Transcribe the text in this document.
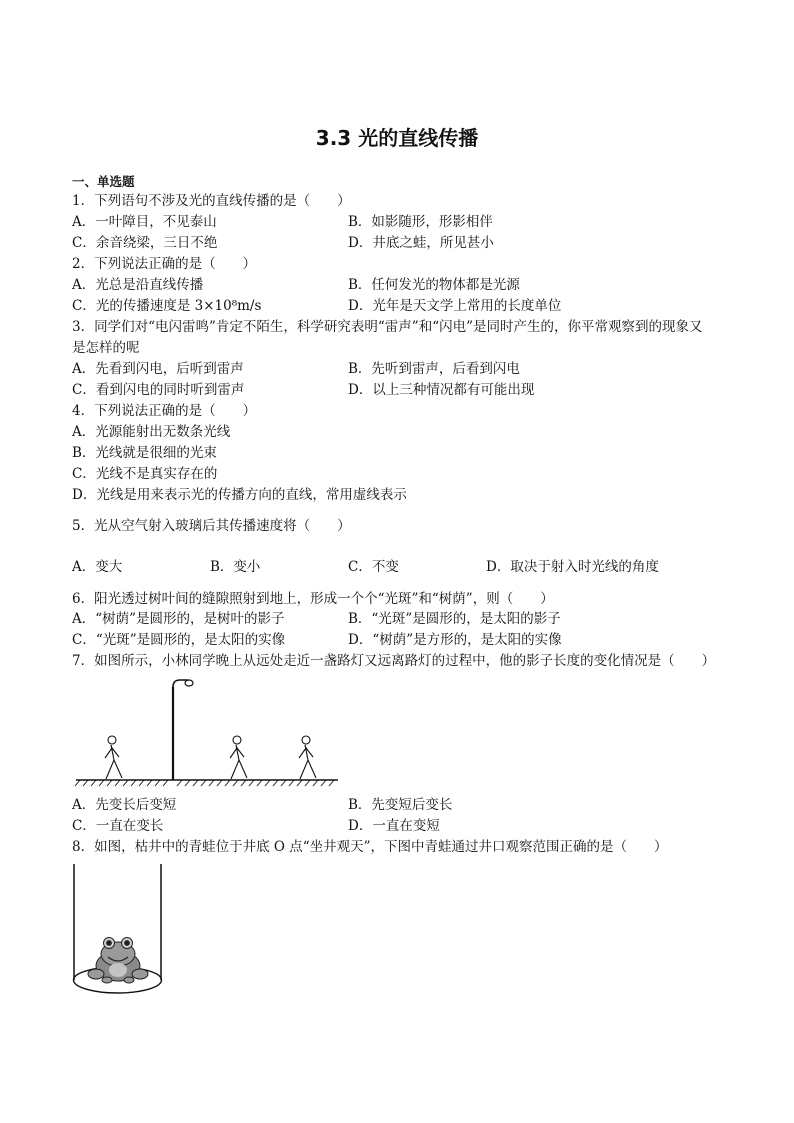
3.3 光的直线传播
一、单选题
1．下列语句不涉及光的直线传播的是（　　）
A．一叶障目，不见泰山	B．如影随形，形影相伴
C．余音绕梁，三日不绝	D．井底之蛙，所见甚小
2．下列说法正确的是（　　）
A．光总是沿直线传播	B．任何发光的物体都是光源
C．光的传播速度是 3×10⁸m/s	D．光年是天文学上常用的长度单位
3．同学们对“电闪雷鸣”肯定不陌生，科学研究表明“雷声”和“闪电”是同时产生的，你平常观察到的现象又
是怎样的呢
A．先看到闪电，后听到雷声	B．先听到雷声，后看到闪电
C．看到闪电的同时听到雷声	D．以上三种情况都有可能出现
4．下列说法正确的是（　　）
A．光源能射出无数条光线
B．光线就是很细的光束
C．光线不是真实存在的
D．光线是用来表示光的传播方向的直线，常用虚线表示
5．光从空气射入玻璃后其传播速度将（　　）
A．变大	B．变小	C．不变	D．取决于射入时光线的角度
6．阳光透过树叶间的缝隙照射到地上，形成一个个“光斑”和“树荫”，则（　　）
A．“树荫”是圆形的，是树叶的影子	B．“光斑”是圆形的，是太阳的影子
C．“光斑”是圆形的，是太阳的实像	D．“树荫”是方形的，是太阳的实像
7．如图所示，小林同学晚上从远处走近一盏路灯又远离路灯的过程中，他的影子长度的变化情况是（　　）
A．先变长后变短	B．先变短后变长
C．一直在变长	D．一直在变短
8．如图，枯井中的青蛙位于井底 O 点“坐井观天”，下图中青蛙通过井口观察范围正确的是（　　）
